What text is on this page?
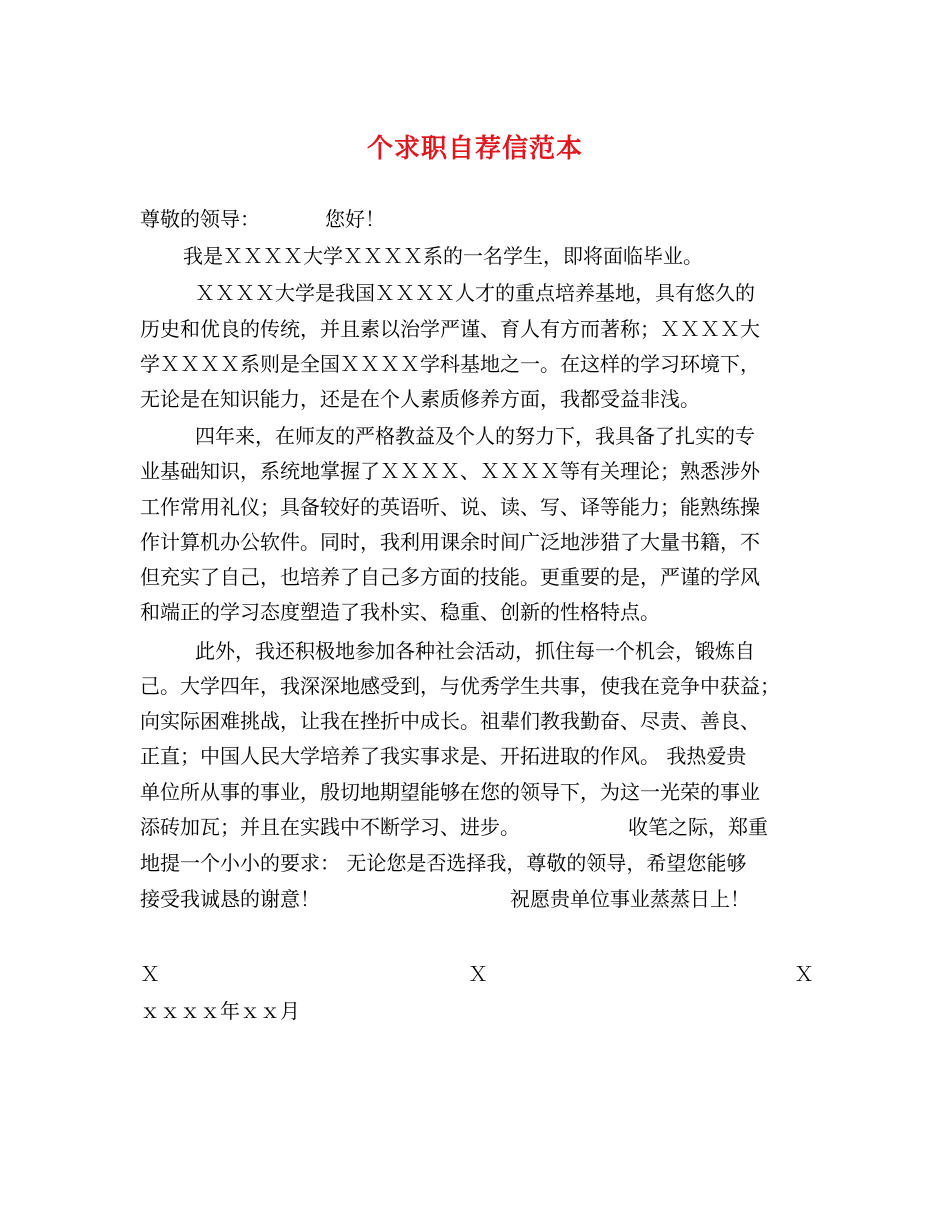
个求职自荐信范本
尊敬的领导：	您好！
我是ＸＸＸＸ大学ＸＸＸＸ系的一名学生，即将面临毕业。
ＸＸＸＸ大学是我国ＸＸＸＸ人才的重点培养基地，具有悠久的
历史和优良的传统，并且素以治学严谨、育人有方而著称；ＸＸＸＸ大
学ＸＸＸＸ系则是全国ＸＸＸＸ学科基地之一。在这样的学习环境下，
无论是在知识能力，还是在个人素质修养方面，我都受益非浅。
四年来，在师友的严格教益及个人的努力下，我具备了扎实的专
业基础知识，系统地掌握了ＸＸＸＸ、ＸＸＸＸ等有关理论；熟悉涉外
工作常用礼仪；具备较好的英语听、说、读、写、译等能力；能熟练操
作计算机办公软件。同时，我利用课余时间广泛地涉猎了大量书籍，不
但充实了自己，也培养了自己多方面的技能。更重要的是，严谨的学风
和端正的学习态度塑造了我朴实、稳重、创新的性格特点。
此外，我还积极地参加各种社会活动，抓住每一个机会，锻炼自
己。大学四年，我深深地感受到，与优秀学生共事，使我在竞争中获益；
向实际困难挑战，让我在挫折中成长。祖辈们教我勤奋、尽责、善良、
正直；中国人民大学培养了我实事求是、开拓进取的作风。 我热爱贵
单位所从事的事业，殷切地期望能够在您的领导下，为这一光荣的事业
添砖加瓦；并且在实践中不断学习、进步。	收笔之际，郑重
地提一个小小的要求： 无论您是否选择我，尊敬的领导，希望您能够
接受我诚恳的谢意！	祝愿贵单位事业蒸蒸日上！
Ｘ	Ｘ	Ｘ
ｘｘｘｘ年ｘｘ月
